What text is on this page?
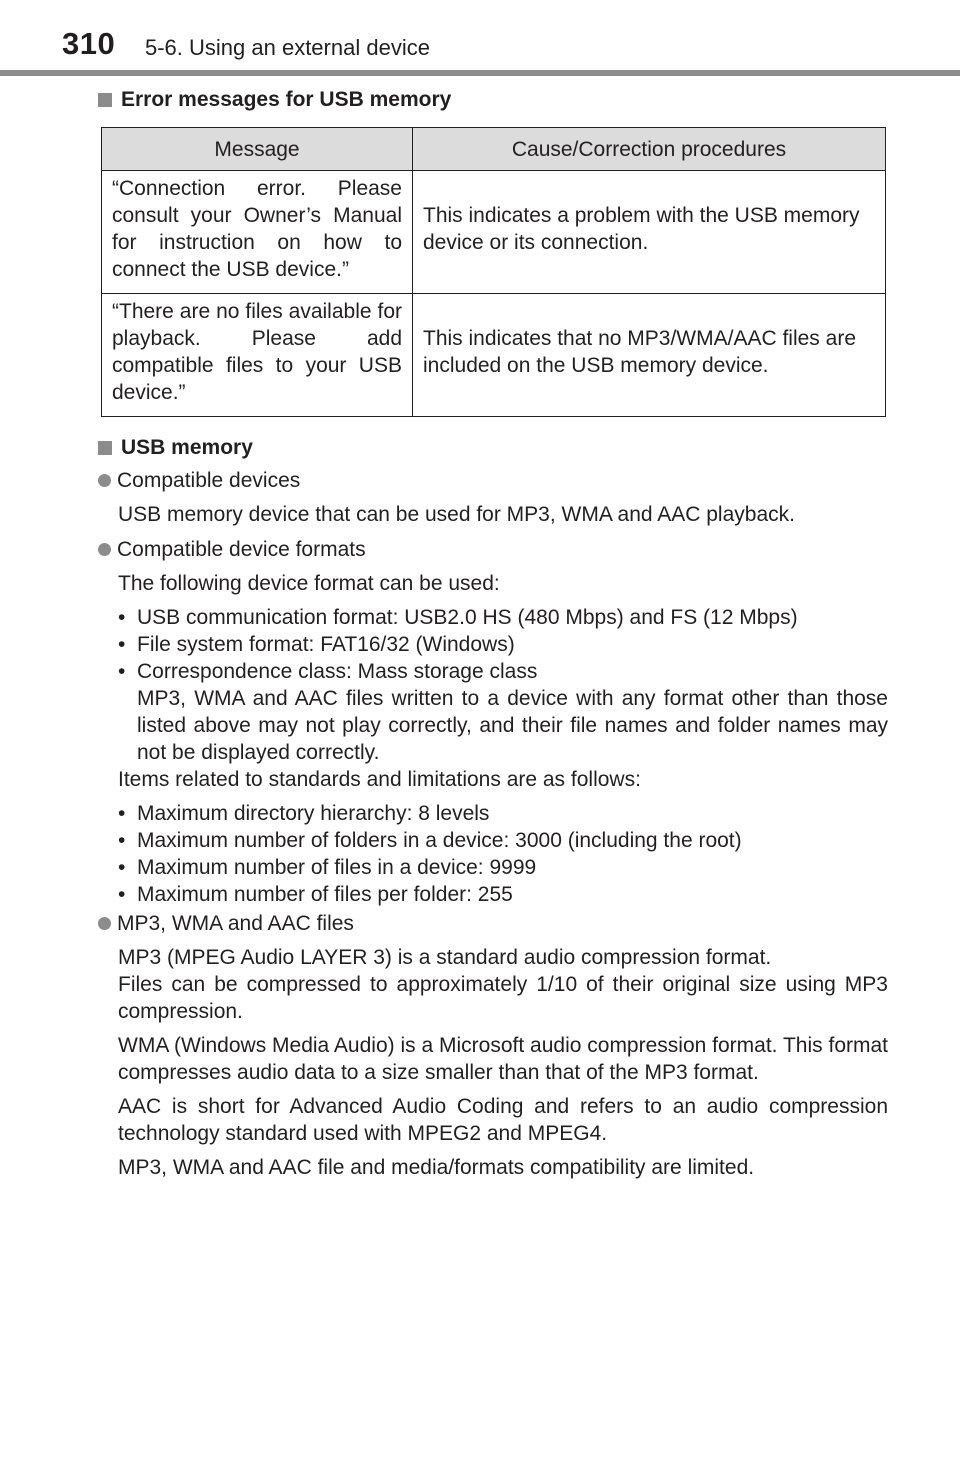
310 5-6. Using an external device
Error messages for USB memory
Message	Cause/Correction procedures
“Connection error. Please consult your Owner’s Manual for instruction on how to connect the USB device.”	This indicates a problem with the USB memory device or its connection.
“There are no files available for playback. Please add compatible files to your USB device.”	This indicates that no MP3/WMA/AAC files are included on the USB memory device.
USB memory
Compatible devices
USB memory device that can be used for MP3, WMA and AAC playback.
Compatible device formats
The following device format can be used:
• USB communication format: USB2.0 HS (480 Mbps) and FS (12 Mbps)
• File system format: FAT16/32 (Windows)
• Correspondence class: Mass storage class
MP3, WMA and AAC files written to a device with any format other than those listed above may not play correctly, and their file names and folder names may not be displayed correctly.
Items related to standards and limitations are as follows:
• Maximum directory hierarchy: 8 levels
• Maximum number of folders in a device: 3000 (including the root)
• Maximum number of files in a device: 9999
• Maximum number of files per folder: 255
MP3, WMA and AAC files
MP3 (MPEG Audio LAYER 3) is a standard audio compression format.
Files can be compressed to approximately 1/10 of their original size using MP3 compression.
WMA (Windows Media Audio) is a Microsoft audio compression format. This format compresses audio data to a size smaller than that of the MP3 format.
AAC is short for Advanced Audio Coding and refers to an audio compression technology standard used with MPEG2 and MPEG4.
MP3, WMA and AAC file and media/formats compatibility are limited.
